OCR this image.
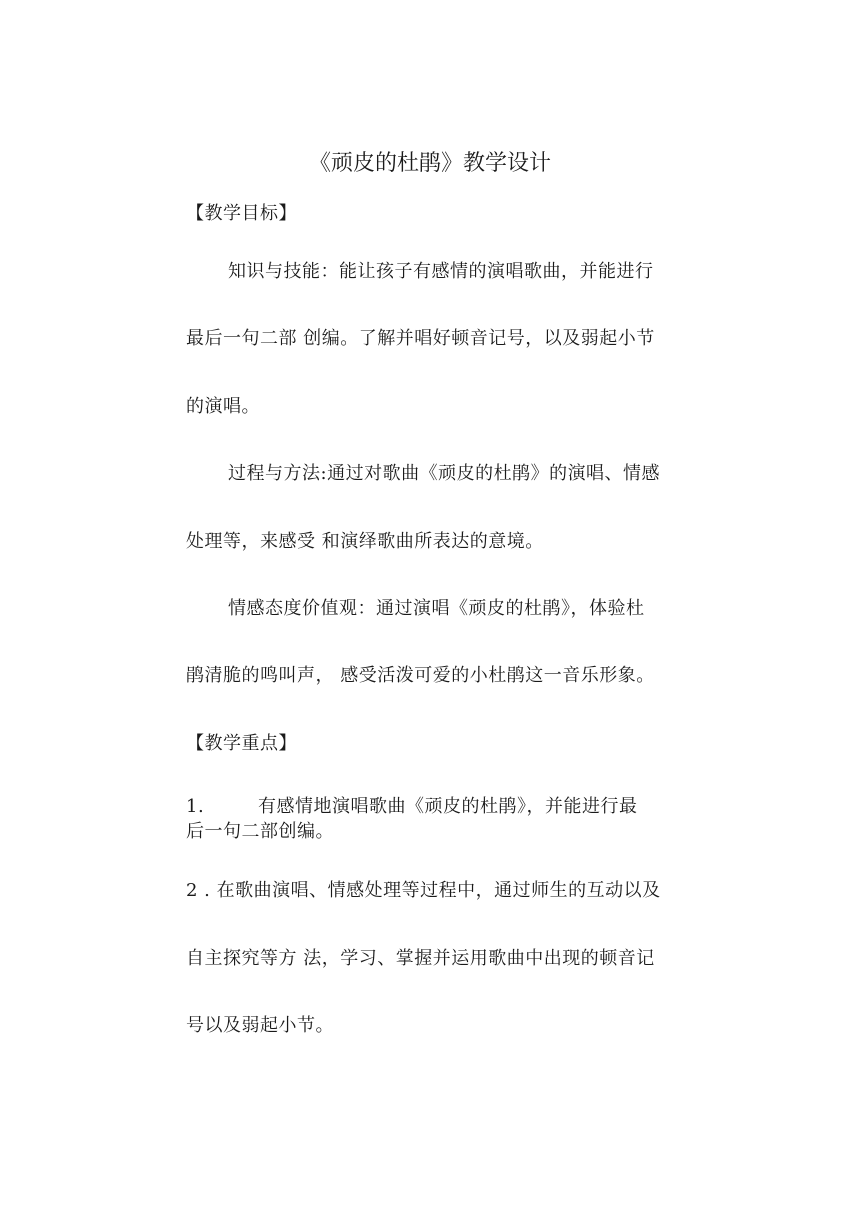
《顽皮的杜鹃》教学设计
【教学目标】
知识与技能：能让孩子有感情的演唱歌曲，并能进行
最后一句二部 创编。了解并唱好顿音记号，以及弱起小节
的演唱。
过程与方法:通过对歌曲《顽皮的杜鹃》的演唱、情感
处理等，来感受 和演绎歌曲所表达的意境。
情感态度价值观：通过演唱《顽皮的杜鹃》，体验杜
鹃清脆的鸣叫声， 感受活泼可爱的小杜鹃这一音乐形象。
【教学重点】
1.	有感情地演唱歌曲《顽皮的杜鹃》，并能进行最
后一句二部创编。
2 . 在歌曲演唱、情感处理等过程中，通过师生的互动以及
自主探究等方 法，学习、掌握并运用歌曲中出现的顿音记
号以及弱起小节。
